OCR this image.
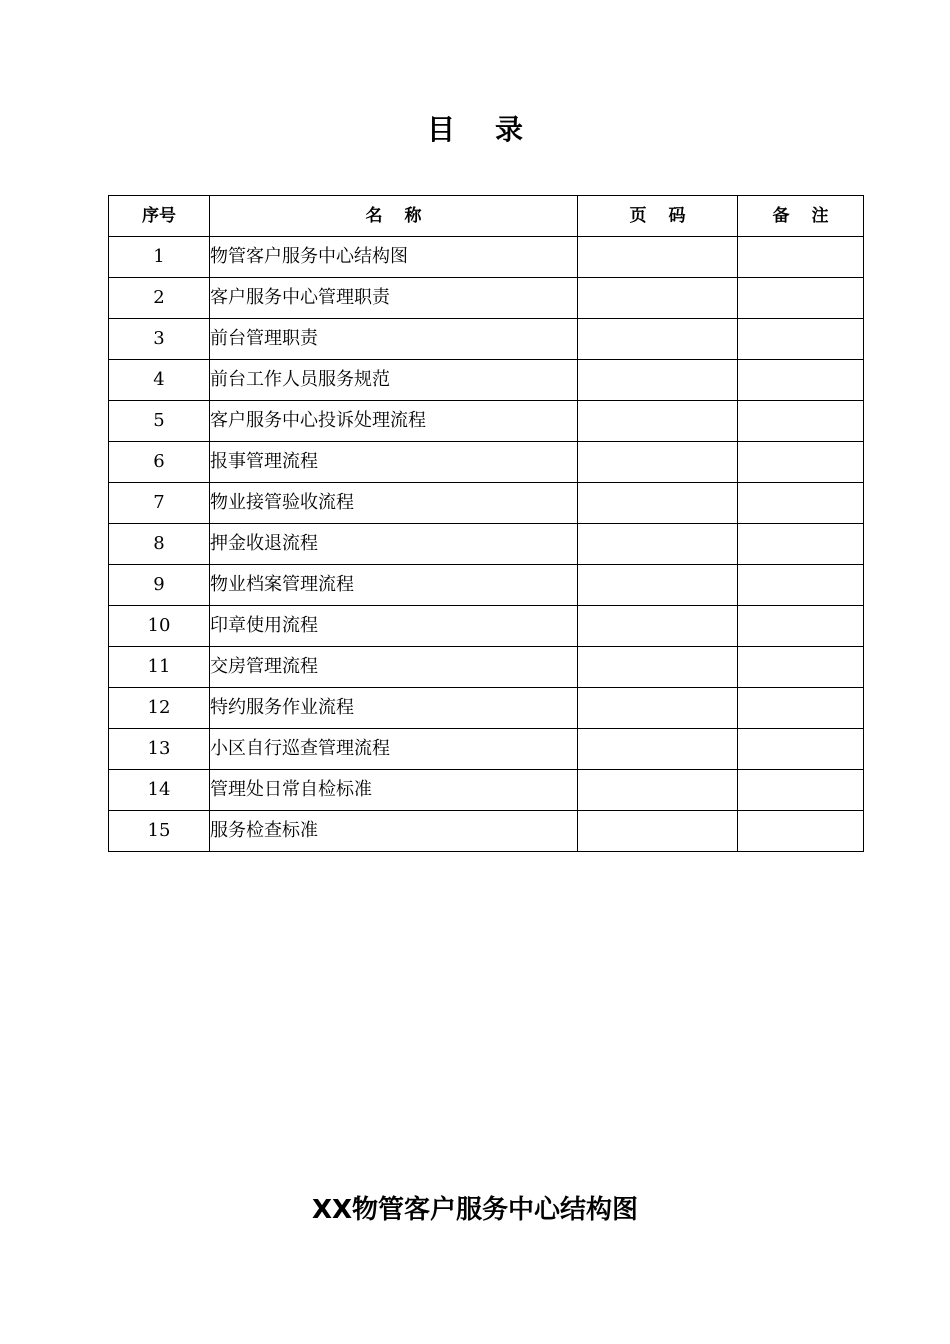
目录
序号	名称	页码	备注
1	物管客户服务中心结构图		
2	客户服务中心管理职责		
3	前台管理职责		
4	前台工作人员服务规范		
5	客户服务中心投诉处理流程		
6	报事管理流程		
7	物业接管验收流程		
8	押金收退流程		
9	物业档案管理流程		
10	印章使用流程		
11	交房管理流程		
12	特约服务作业流程		
13	小区自行巡查管理流程		
14	管理处日常自检标准		
15	服务检查标准		
XX物管客户服务中心结构图
